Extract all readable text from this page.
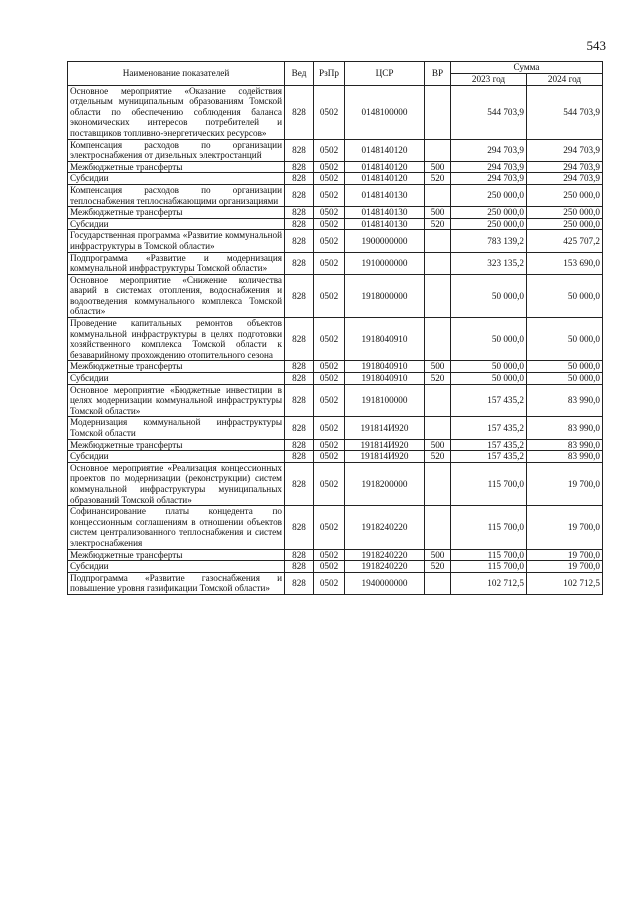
543
Наименование показателей	Вед	РзПр	ЦСР	ВР	Сумма	
					2023 год	2024 год
Основное мероприятие «Оказание содействия отдельным муниципальным образованиям Томской области по обеспечению соблюдения баланса экономических интересов потребителей и поставщиков топливно-энергетических ресурсов»	828	0502	0148100000		544 703,9	544 703,9
Компенсация расходов по организации электроснабжения от дизельных электростанций	828	0502	0148140120		294 703,9	294 703,9
Межбюджетные трансферты	828	0502	0148140120	500	294 703,9	294 703,9
Субсидии	828	0502	0148140120	520	294 703,9	294 703,9
Компенсация расходов по организации теплоснабжения теплоснабжающими организациями	828	0502	0148140130		250 000,0	250 000,0
Межбюджетные трансферты	828	0502	0148140130	500	250 000,0	250 000,0
Субсидии	828	0502	0148140130	520	250 000,0	250 000,0
Государственная программа «Развитие коммунальной инфраструктуры в Томской области»	828	0502	1900000000		783 139,2	425 707,2
Подпрограмма «Развитие и модернизация коммунальной инфраструктуры Томской области»	828	0502	1910000000		323 135,2	153 690,0
Основное мероприятие «Снижение количества аварий в системах отопления, водоснабжения и водоотведения коммунального комплекса Томской области»	828	0502	1918000000		50 000,0	50 000,0
Проведение капитальных ремонтов объектов коммунальной инфраструктуры в целях подготовки хозяйственного комплекса Томской области к безаварийному прохождению отопительного сезона	828	0502	1918040910		50 000,0	50 000,0
Межбюджетные трансферты	828	0502	1918040910	500	50 000,0	50 000,0
Субсидии	828	0502	1918040910	520	50 000,0	50 000,0
Основное мероприятие «Бюджетные инвестиции в целях модернизации коммунальной инфраструктуры Томской области»	828	0502	1918100000		157 435,2	83 990,0
Модернизация коммунальной инфраструктуры Томской области	828	0502	191814И920		157 435,2	83 990,0
Межбюджетные трансферты	828	0502	191814И920	500	157 435,2	83 990,0
Субсидии	828	0502	191814И920	520	157 435,2	83 990,0
Основное мероприятие «Реализация концессионных проектов по модернизации (реконструкции) систем коммунальной инфраструктуры муниципальных образований Томской области»	828	0502	1918200000		115 700,0	19 700,0
Софинансирование платы концедента по концессионным соглашениям в отношении объектов систем централизованного теплоснабжения и систем электроснабжения	828	0502	1918240220		115 700,0	19 700,0
Межбюджетные трансферты	828	0502	1918240220	500	115 700,0	19 700,0
Субсидии	828	0502	1918240220	520	115 700,0	19 700,0
Подпрограмма «Развитие газоснабжения и повышение уровня газификации Томской области»	828	0502	1940000000		102 712,5	102 712,5
